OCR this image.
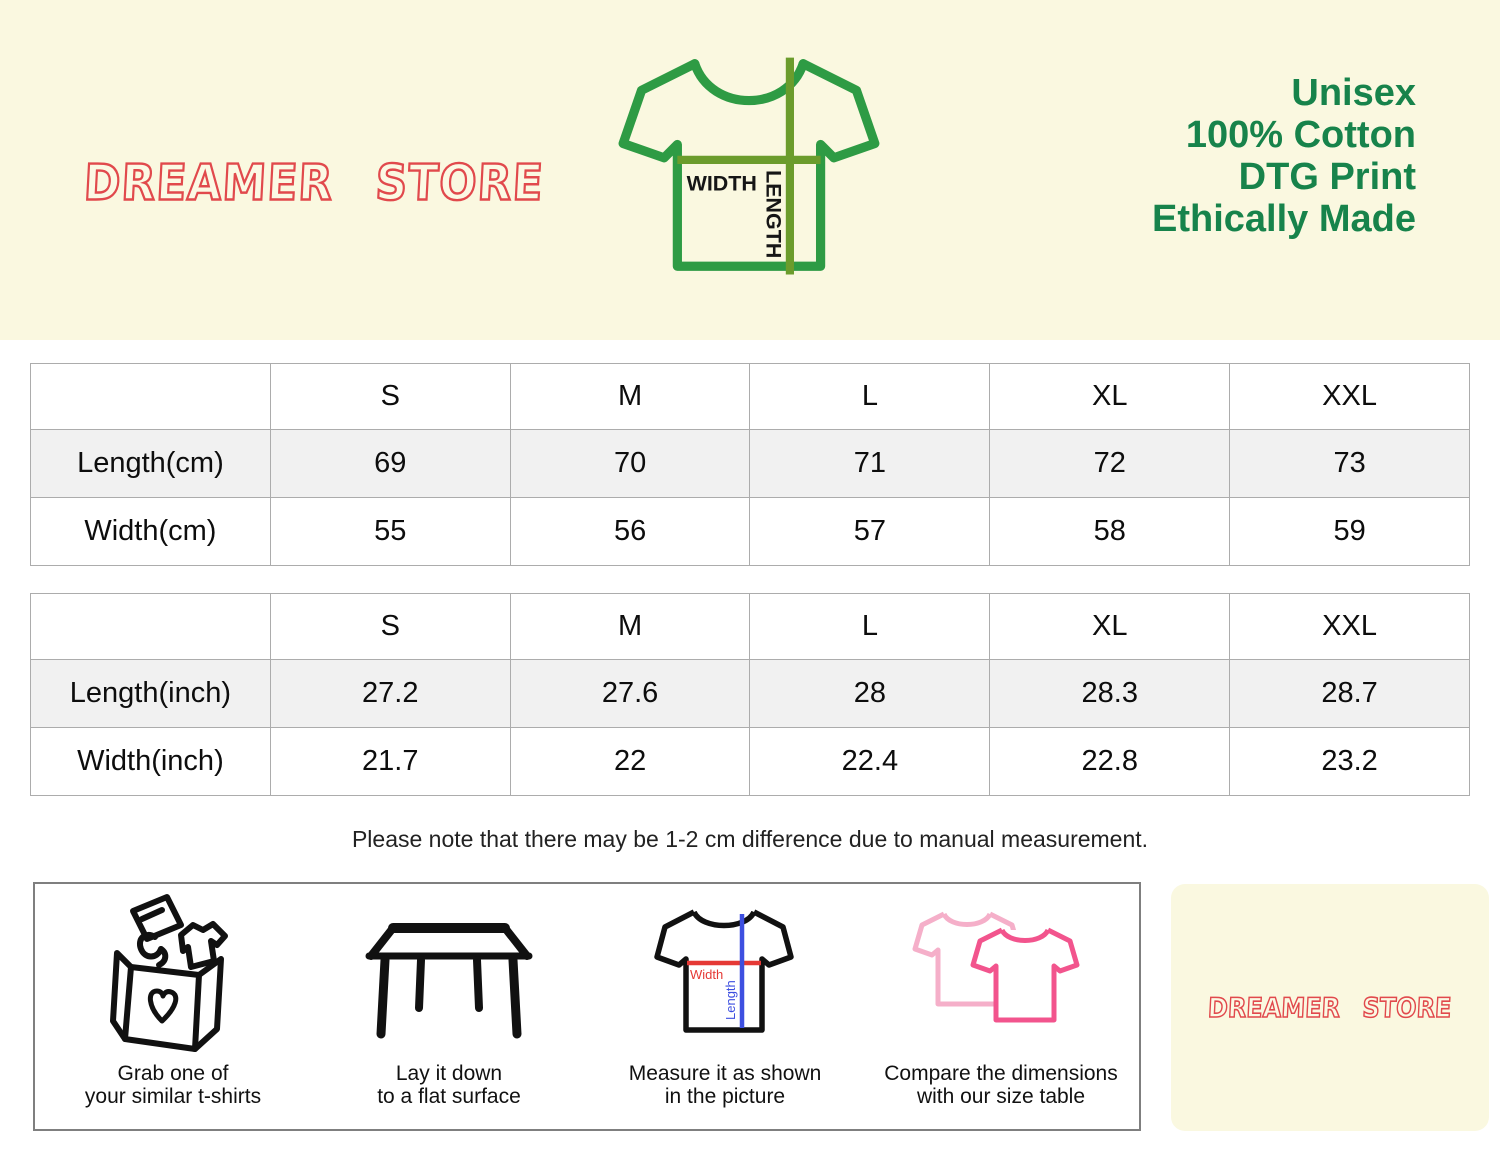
DREAMER STORE	WIDTH LENGTH
Unisex
100% Cotton
DTG Print
Ethically Made
	S	M	L	XL	XXL
Length(cm)	69	70	71	72	73
Width(cm)	55	56	57	58	59
	S	M	L	XL	XXL
Length(inch)	27.2	27.6	28	28.3	28.7
Width(inch)	21.7	22	22.4	22.8	23.2
Please note that there may be 1-2 cm difference due to manual measurement.
Grab one of
your similar t-shirts
Lay it down
to a flat surface
Width
Length
Measure it as shown
in the picture
Compare the dimensions
with our size table
DREAMER STORE
